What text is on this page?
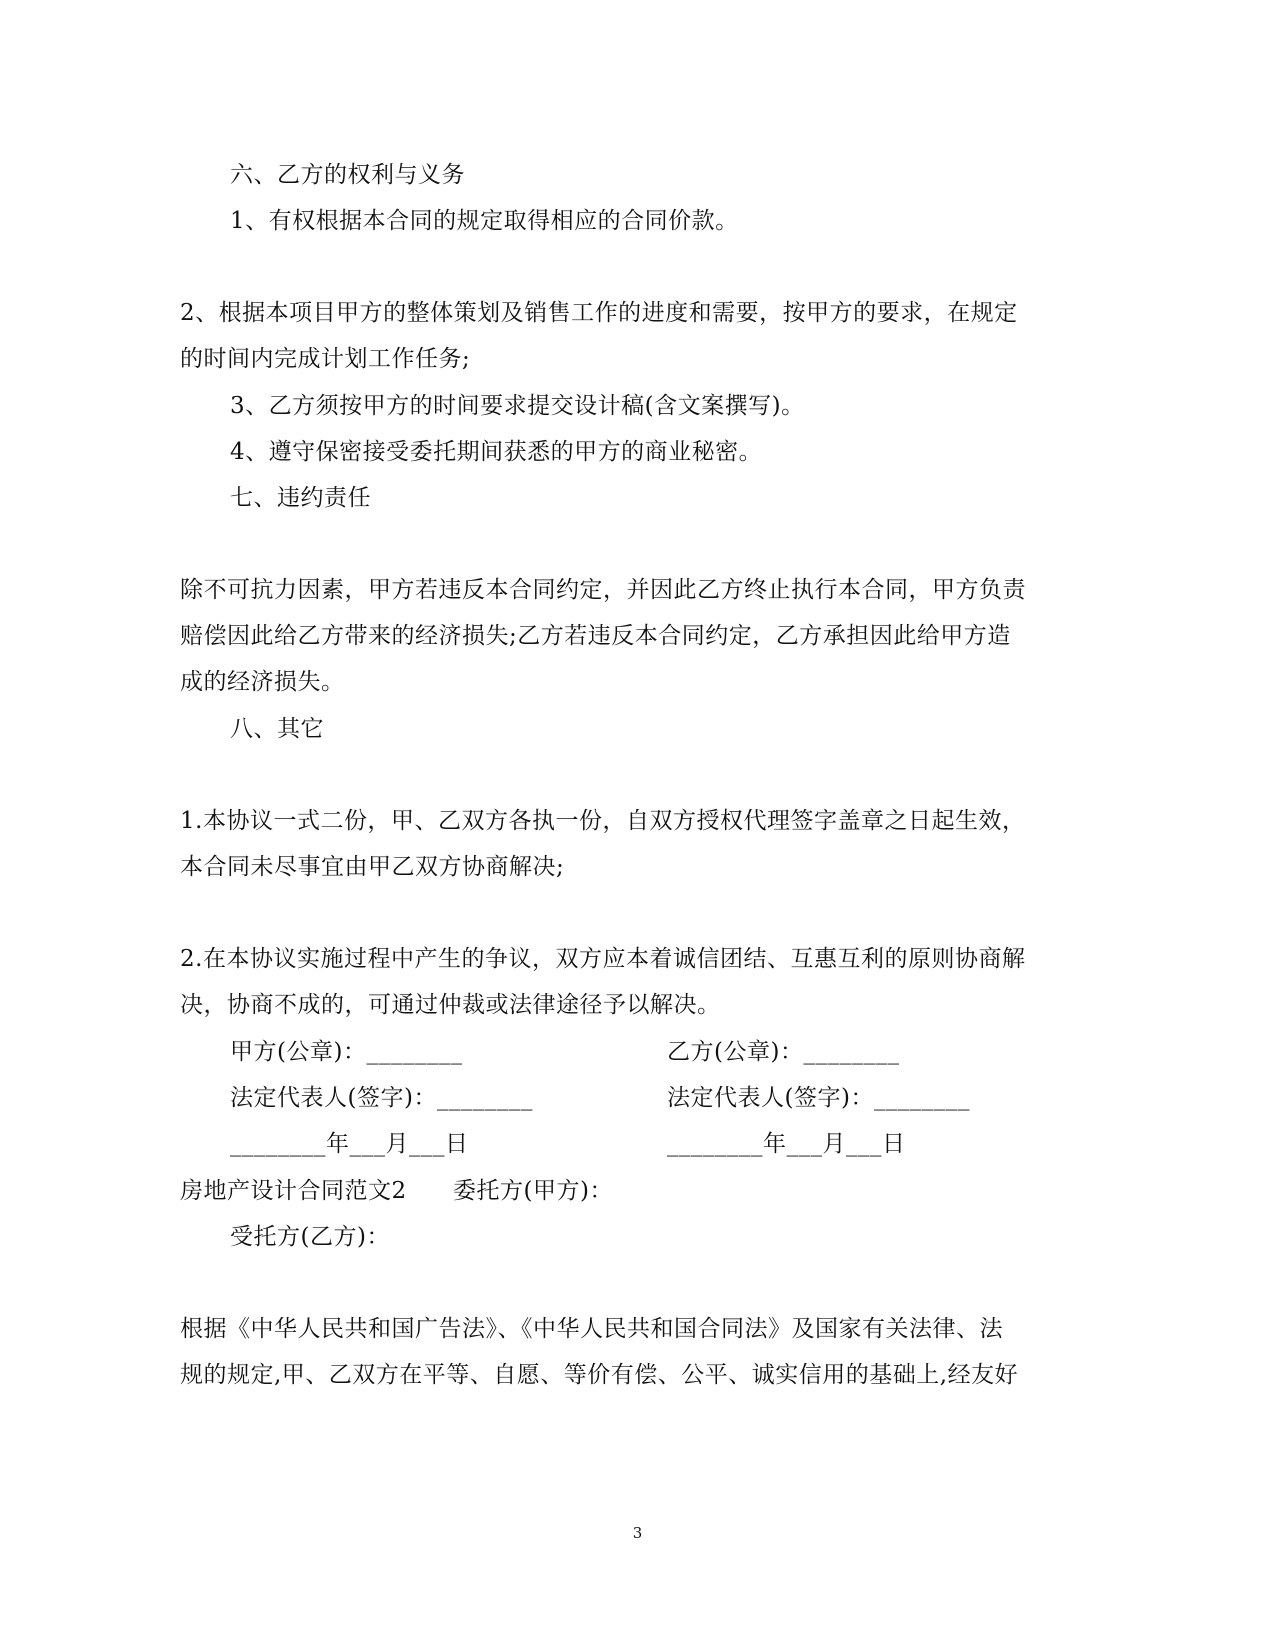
六、乙方的权利与义务
1、有权根据本合同的规定取得相应的合同价款。
2、根据本项目甲方的整体策划及销售工作的进度和需要，按甲方的要求，在规定
的时间内完成计划工作任务;
3、乙方须按甲方的时间要求提交设计稿(含文案撰写)。
4、遵守保密接受委托期间获悉的甲方的商业秘密。
七、违约责任
除不可抗力因素，甲方若违反本合同约定，并因此乙方终止执行本合同，甲方负责
赔偿因此给乙方带来的经济损失;乙方若违反本合同约定，乙方承担因此给甲方造
成的经济损失。
八、其它
1.本协议一式二份，甲、乙双方各执一份，自双方授权代理签字盖章之日起生效，
本合同未尽事宜由甲乙双方协商解决;
2.在本协议实施过程中产生的争议，双方应本着诚信团结、互惠互利的原则协商解
决，协商不成的，可通过仲裁或法律途径予以解决。
甲方(公章)：________	乙方(公章)：________
法定代表人(签字)：________	法定代表人(签字)：________
________年___月___日	________年___月___日
房地产设计合同范文2 委托方(甲方)：
受托方(乙方)：
根据《中华人民共和国广告法》、《中华人民共和国合同法》及国家有关法律、法
规的规定,甲、乙双方在平等、自愿、等价有偿、公平、诚实信用的基础上,经友好
3
